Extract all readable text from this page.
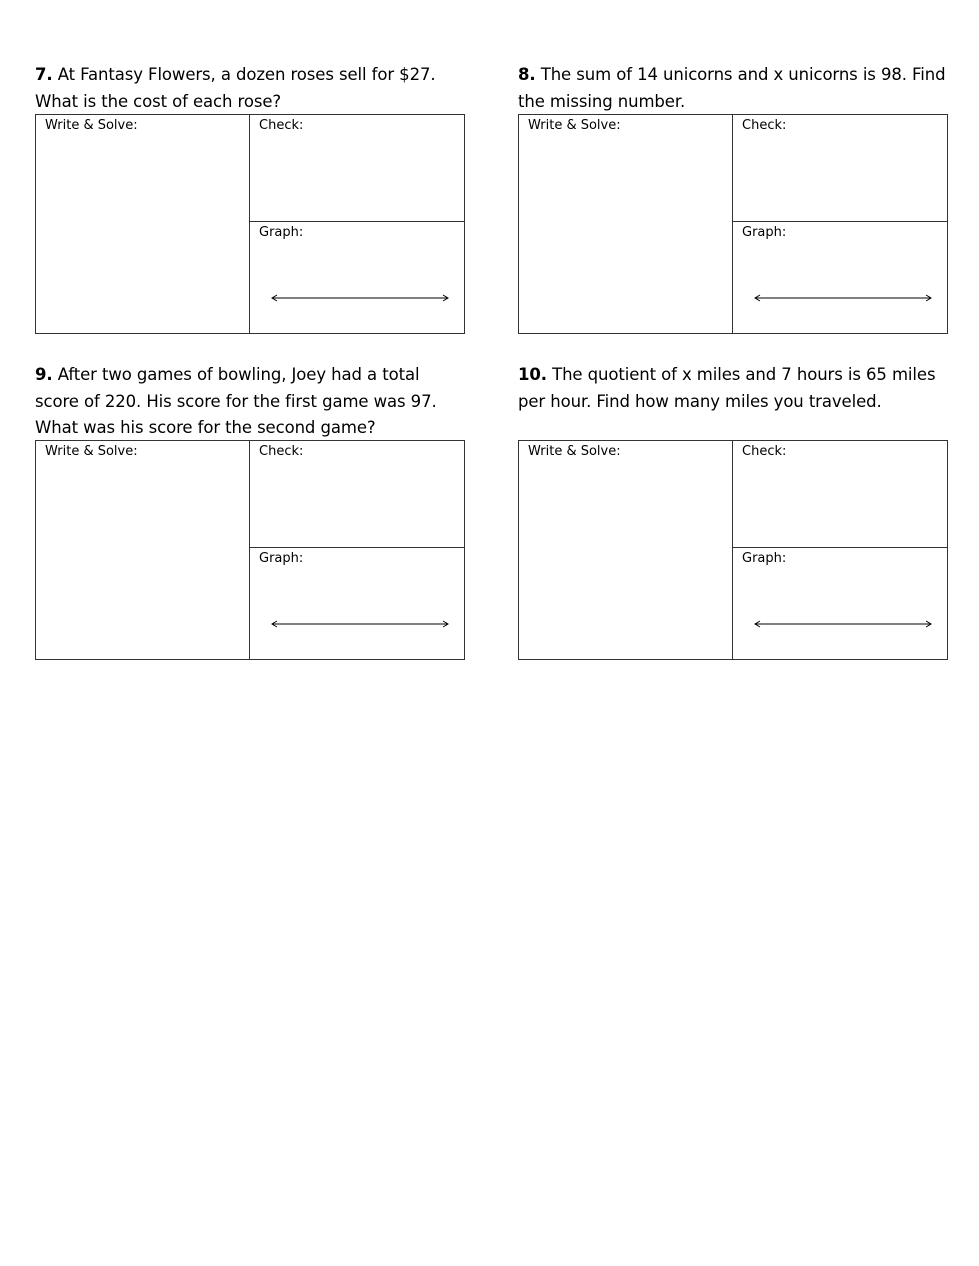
7. At Fantasy Flowers, a dozen roses sell for $27. What is the cost of each rose?

Write & Solve:	Check:
Graph:

8. The sum of 14 unicorns and x unicorns is 98. Find the missing number.

Write & Solve:	Check:
Graph:

9. After two games of bowling, Joey had a total score of 220. His score for the first game was 97. What was his score for the second game?

Write & Solve:	Check:
Graph:

10. The quotient of x miles and 7 hours is 65 miles per hour. Find how many miles you traveled.

Write & Solve:	Check:
Graph:
